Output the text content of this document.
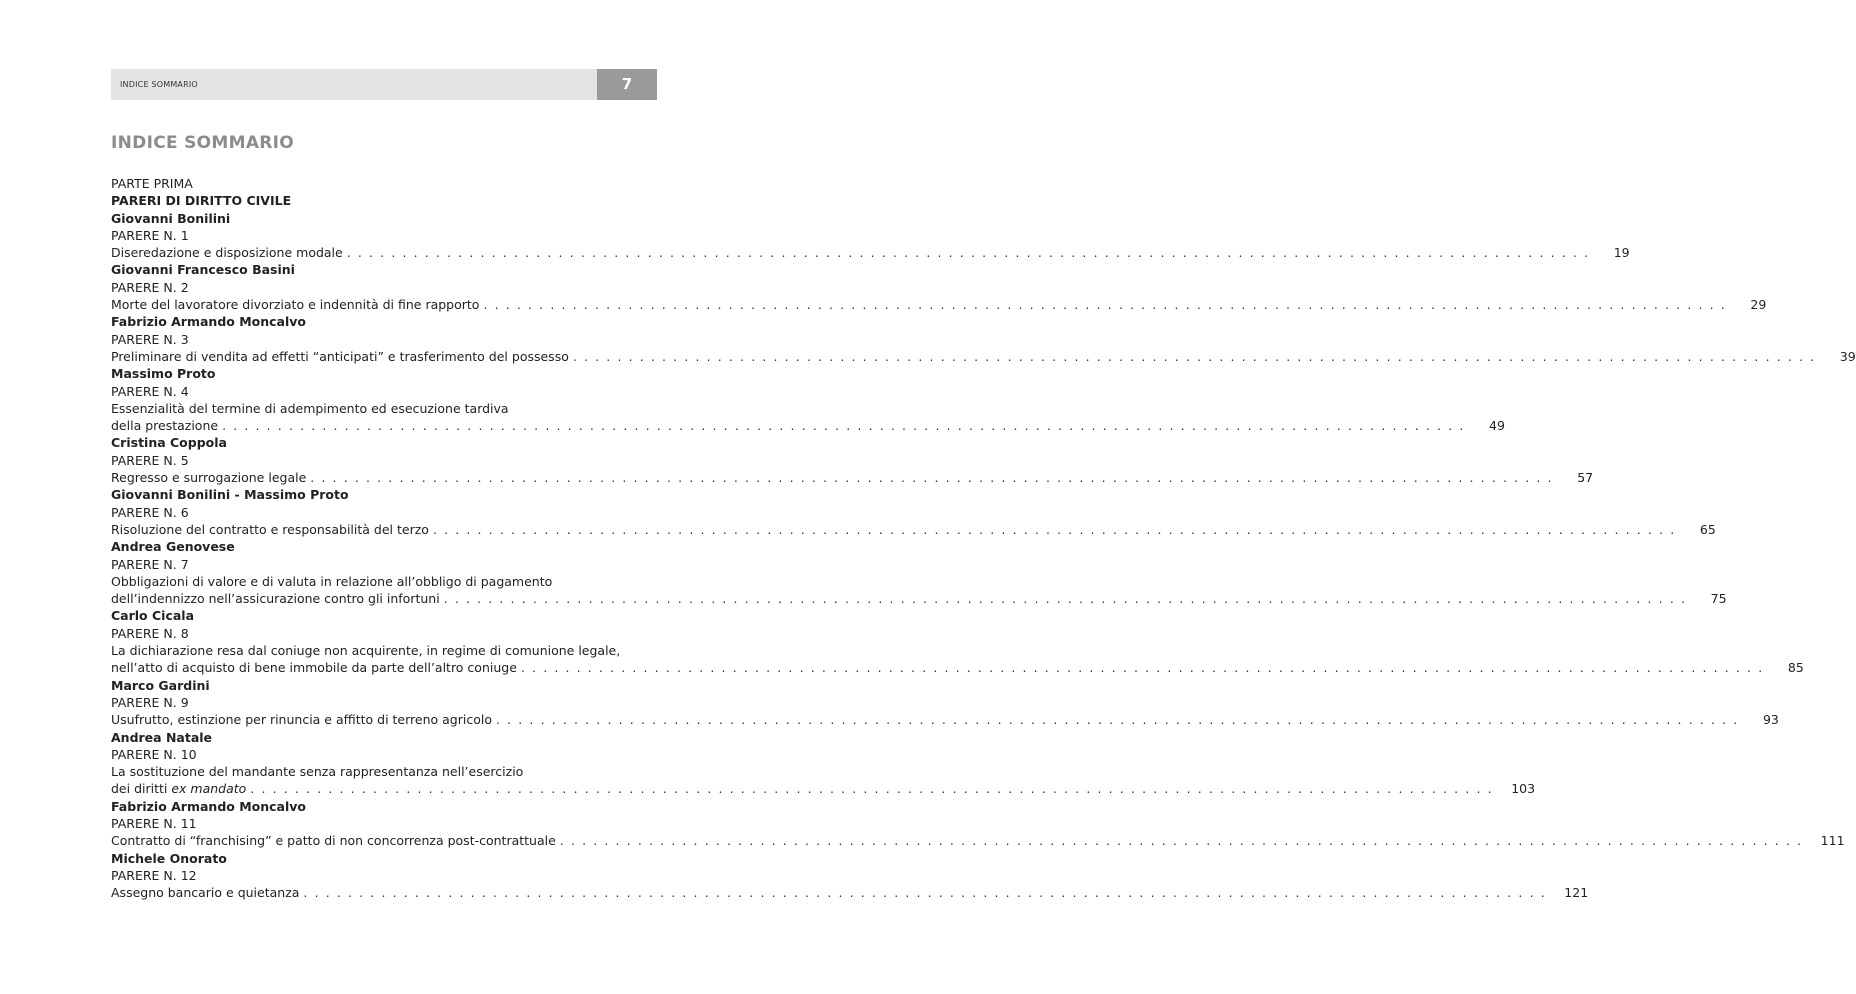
INDICE SOMMARIO	7
INDICE SOMMARIO
PARTE PRIMA
PARERI DI DIRITTO CIVILE
Giovanni Bonilini
PARERE N. 1
Diseredazione e disposizione modale . . .	19
Giovanni Francesco Basini
PARERE N. 2
Morte del lavoratore divorziato e indennità di fine rapporto . . .	29
Fabrizio Armando Moncalvo
PARERE N. 3
Preliminare di vendita ad effetti “anticipati” e trasferimento del possesso . . .	39
Massimo Proto
PARERE N. 4
Essenzialità del termine di adempimento ed esecuzione tardiva
della prestazione . . .	49
Cristina Coppola
PARERE N. 5
Regresso e surrogazione legale . . .	57
Giovanni Bonilini - Massimo Proto
PARERE N. 6
Risoluzione del contratto e responsabilità del terzo . . .	65
Andrea Genovese
PARERE N. 7
Obbligazioni di valore e di valuta in relazione all’obbligo di pagamento
dell’indennizzo nell’assicurazione contro gli infortuni . . .	75
Carlo Cicala
PARERE N. 8
La dichiarazione resa dal coniuge non acquirente, in regime di comunione legale,
nell’atto di acquisto di bene immobile da parte dell’altro coniuge . . .	85
Marco Gardini
PARERE N. 9
Usufrutto, estinzione per rinuncia e affitto di terreno agricolo . . .	93
Andrea Natale
PARERE N. 10
La sostituzione del mandante senza rappresentanza nell’esercizio
dei diritti ex mandato . . .	103
Fabrizio Armando Moncalvo
PARERE N. 11
Contratto di “franchising” e patto di non concorrenza post-contrattuale . . .	111
Michele Onorato
PARERE N. 12
Assegno bancario e quietanza . . .	121
